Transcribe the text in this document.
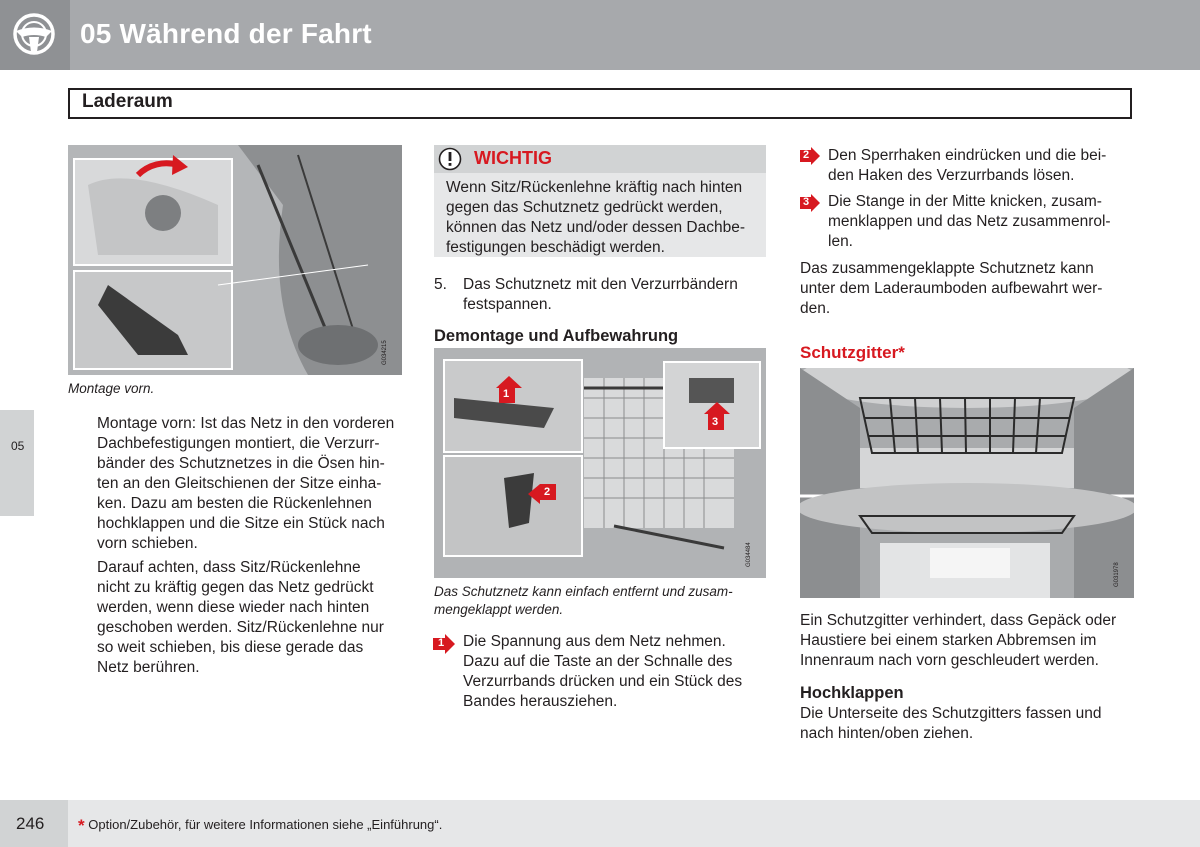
05 Während der Fahrt
Laderaum
05
G034215
Montage vorn.
Montage vorn: Ist das Netz in den vorderen
Dachbefestigungen montiert, die Verzurr-
bänder des Schutznetzes in die Ösen hin-
ten an den Gleitschienen der Sitze einha-
ken. Dazu am besten die Rückenlehnen
hochklappen und die Sitze ein Stück nach
vorn schieben.
Darauf achten, dass Sitz/Rückenlehne
nicht zu kräftig gegen das Netz gedrückt
werden, wenn diese wieder nach hinten
geschoben werden. Sitz/Rückenlehne nur
so weit schieben, bis diese gerade das
Netz berühren.
WICHTIG
Wenn Sitz/Rückenlehne kräftig nach hinten
gegen das Schutznetz gedrückt werden,
können das Netz und/oder dessen Dachbe-
festigungen beschädigt werden.
5. Das Schutznetz mit den Verzurrbändern
festspannen.
Demontage und Aufbewahrung
1
2
3
G034484
Das Schutznetz kann einfach entfernt und zusam-
mengeklappt werden.
1 Die Spannung aus dem Netz nehmen.
Dazu auf die Taste an der Schnalle des
Verzurrbands drücken und ein Stück des
Bandes herausziehen.
2 Den Sperrhaken eindrücken und die bei-
den Haken des Verzurrbands lösen.
3 Die Stange in der Mitte knicken, zusam-
menklappen und das Netz zusammenrol-
len.
Das zusammengeklappte Schutznetz kann
unter dem Laderaumboden aufbewahrt wer-
den.
Schutzgitter*
G031978
Ein Schutzgitter verhindert, dass Gepäck oder
Haustiere bei einem starken Abbremsen im
Innenraum nach vorn geschleudert werden.
Hochklappen
Die Unterseite des Schutzgitters fassen und
nach hinten/oben ziehen.
246 * Option/Zubehör, für weitere Informationen siehe „Einführung“.
